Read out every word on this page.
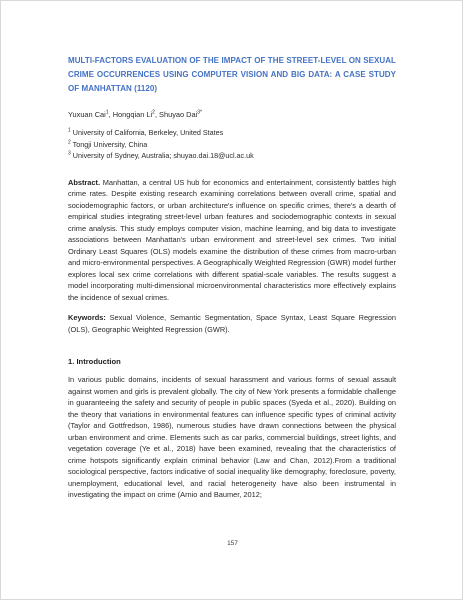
MULTI-FACTORS EVALUATION OF THE IMPACT OF THE STREET-LEVEL ON SEXUAL CRIME OCCURRENCES USING COMPUTER VISION AND BIG DATA: A CASE STUDY OF MANHATTAN (1120)
Yuxuan Cai$^1$, Hongqian Li$^2$, Shuyao Dai$^{3*}$
$^1$ University of California, Berkeley, United States
$^2$ Tongji University, China
$^3$ University of Sydney, Australia; shuyao.dai.18@ucl.ac.uk

Abstract. Manhattan, a central US hub for economics and entertainment, consistently battles high crime rates. Despite existing research examining correlations between overall crime, spatial and sociodemographic factors, or urban architecture's influence on specific crimes, there's a dearth of empirical studies integrating street-level urban features and sociodemographic contexts in sexual crime analysis. This study employs computer vision, machine learning, and big data to investigate associations between Manhattan's urban environment and street-level sex crimes. Two initial Ordinary Least Squares (OLS) models examine the distribution of these crimes from macro-urban and micro-environmental perspectives. A Geographically Weighted Regression (GWR) model further explores local sex crime correlations with different spatial-scale variables. The results suggest a model incorporating multi-dimensional microenvironmental characteristics more effectively explains the incidence of sexual crimes.

Keywords: Sexual Violence, Semantic Segmentation, Space Syntax, Least Square Regression (OLS), Geographic Weighted Regression (GWR).

1. Introduction

In various public domains, incidents of sexual harassment and various forms of sexual assault against women and girls is prevalent globally. The city of New York presents a formidable challenge in guaranteeing the safety and security of people in public spaces (Syeda et al., 2020). Building on the theory that variations in environmental features can influence specific types of criminal activity (Taylor and Gottfredson, 1986), numerous studies have drawn connections between the physical urban environment and crime. Elements such as car parks, commercial buildings, street lights, and vegetation coverage (Ye et al., 2018) have been examined, revealing that the characteristics of crime hotspots significantly explain criminal behavior (Law and Chan, 2012).From a traditional sociological perspective, factors indicative of social inequality like demography, foreclosure, poverty, unemployment, educational level, and racial heterogeneity have also been instrumental in investigating the impact on crime (Arnio and Baumer, 2012;

157
